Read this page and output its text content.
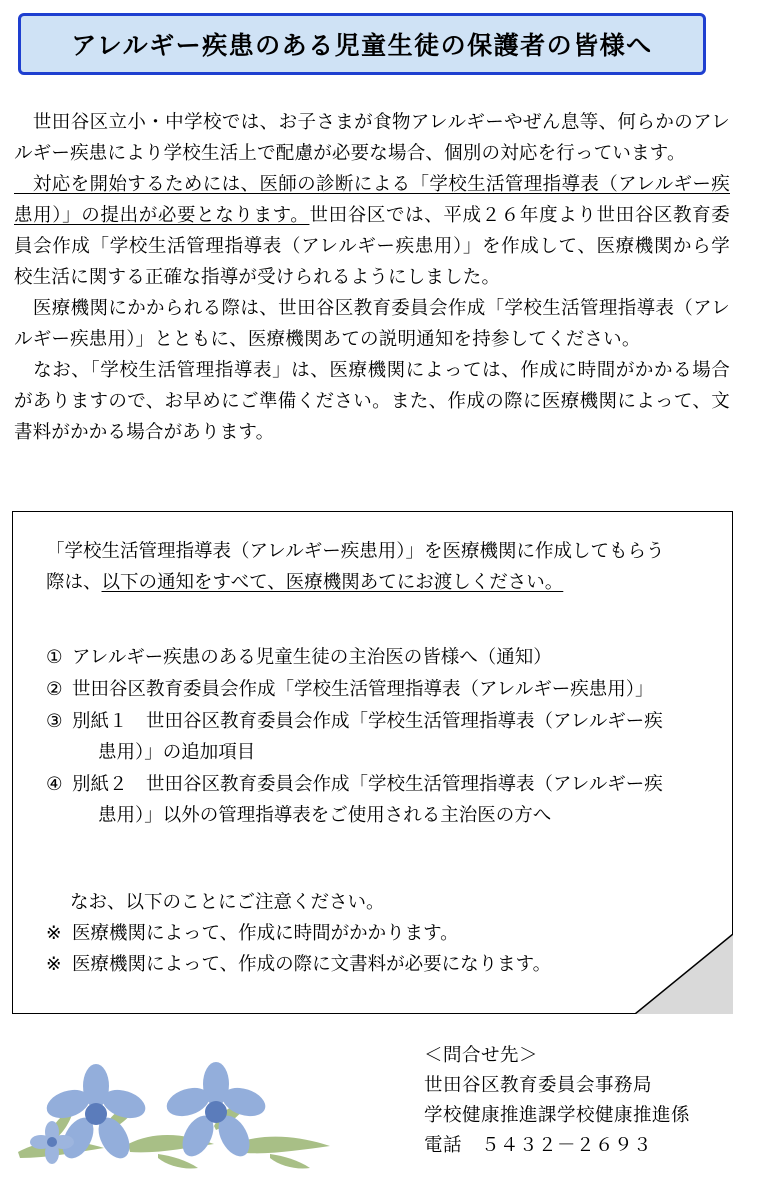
アレルギー疾患のある児童生徒の保護者の皆様へ

　世田谷区立小・中学校では、お子さまが食物アレルギーやぜん息等、何らかのアレルギー疾患により学校生活上で配慮が必要な場合、個別の対応を行っています。

　対応を開始するためには、医師の診断による「学校生活管理指導表（アレルギー疾患用）」の提出が必要となります。世田谷区では、平成２６年度より世田谷区教育委員会作成「学校生活管理指導表（アレルギー疾患用）」を作成して、医療機関から学校生活に関する正確な指導が受けられるようにしました。

　医療機関にかかられる際は、世田谷区教育委員会作成「学校生活管理指導表（アレルギー疾患用）」とともに、医療機関あての説明通知を持参してください。

　なお、「学校生活管理指導表」は、医療機関によっては、作成に時間がかかる場合がありますので、お早めにご準備ください。また、作成の際に医療機関によって、文書料がかかる場合があります。

「学校生活管理指導表（アレルギー疾患用）」を医療機関に作成してもらう
際は、以下の通知をすべて、医療機関あてにお渡しください。

① アレルギー疾患のある児童生徒の主治医の皆様へ（通知）
② 世田谷区教育委員会作成「学校生活管理指導表（アレルギー疾患用）」
③ 別紙１　世田谷区教育委員会作成「学校生活管理指導表（アレルギー疾
患用）」の追加項目
④ 別紙２　世田谷区教育委員会作成「学校生活管理指導表（アレルギー疾
患用）」以外の管理指導表をご使用される主治医の方へ
なお、以下のことにご注意ください。
※ 医療機関によって、作成に時間がかかります。
※ 医療機関によって、作成の際に文書料が必要になります。
＜問合せ先＞
世田谷区教育委員会事務局
学校健康推進課学校健康推進係
電話　５４３２－２６９３
